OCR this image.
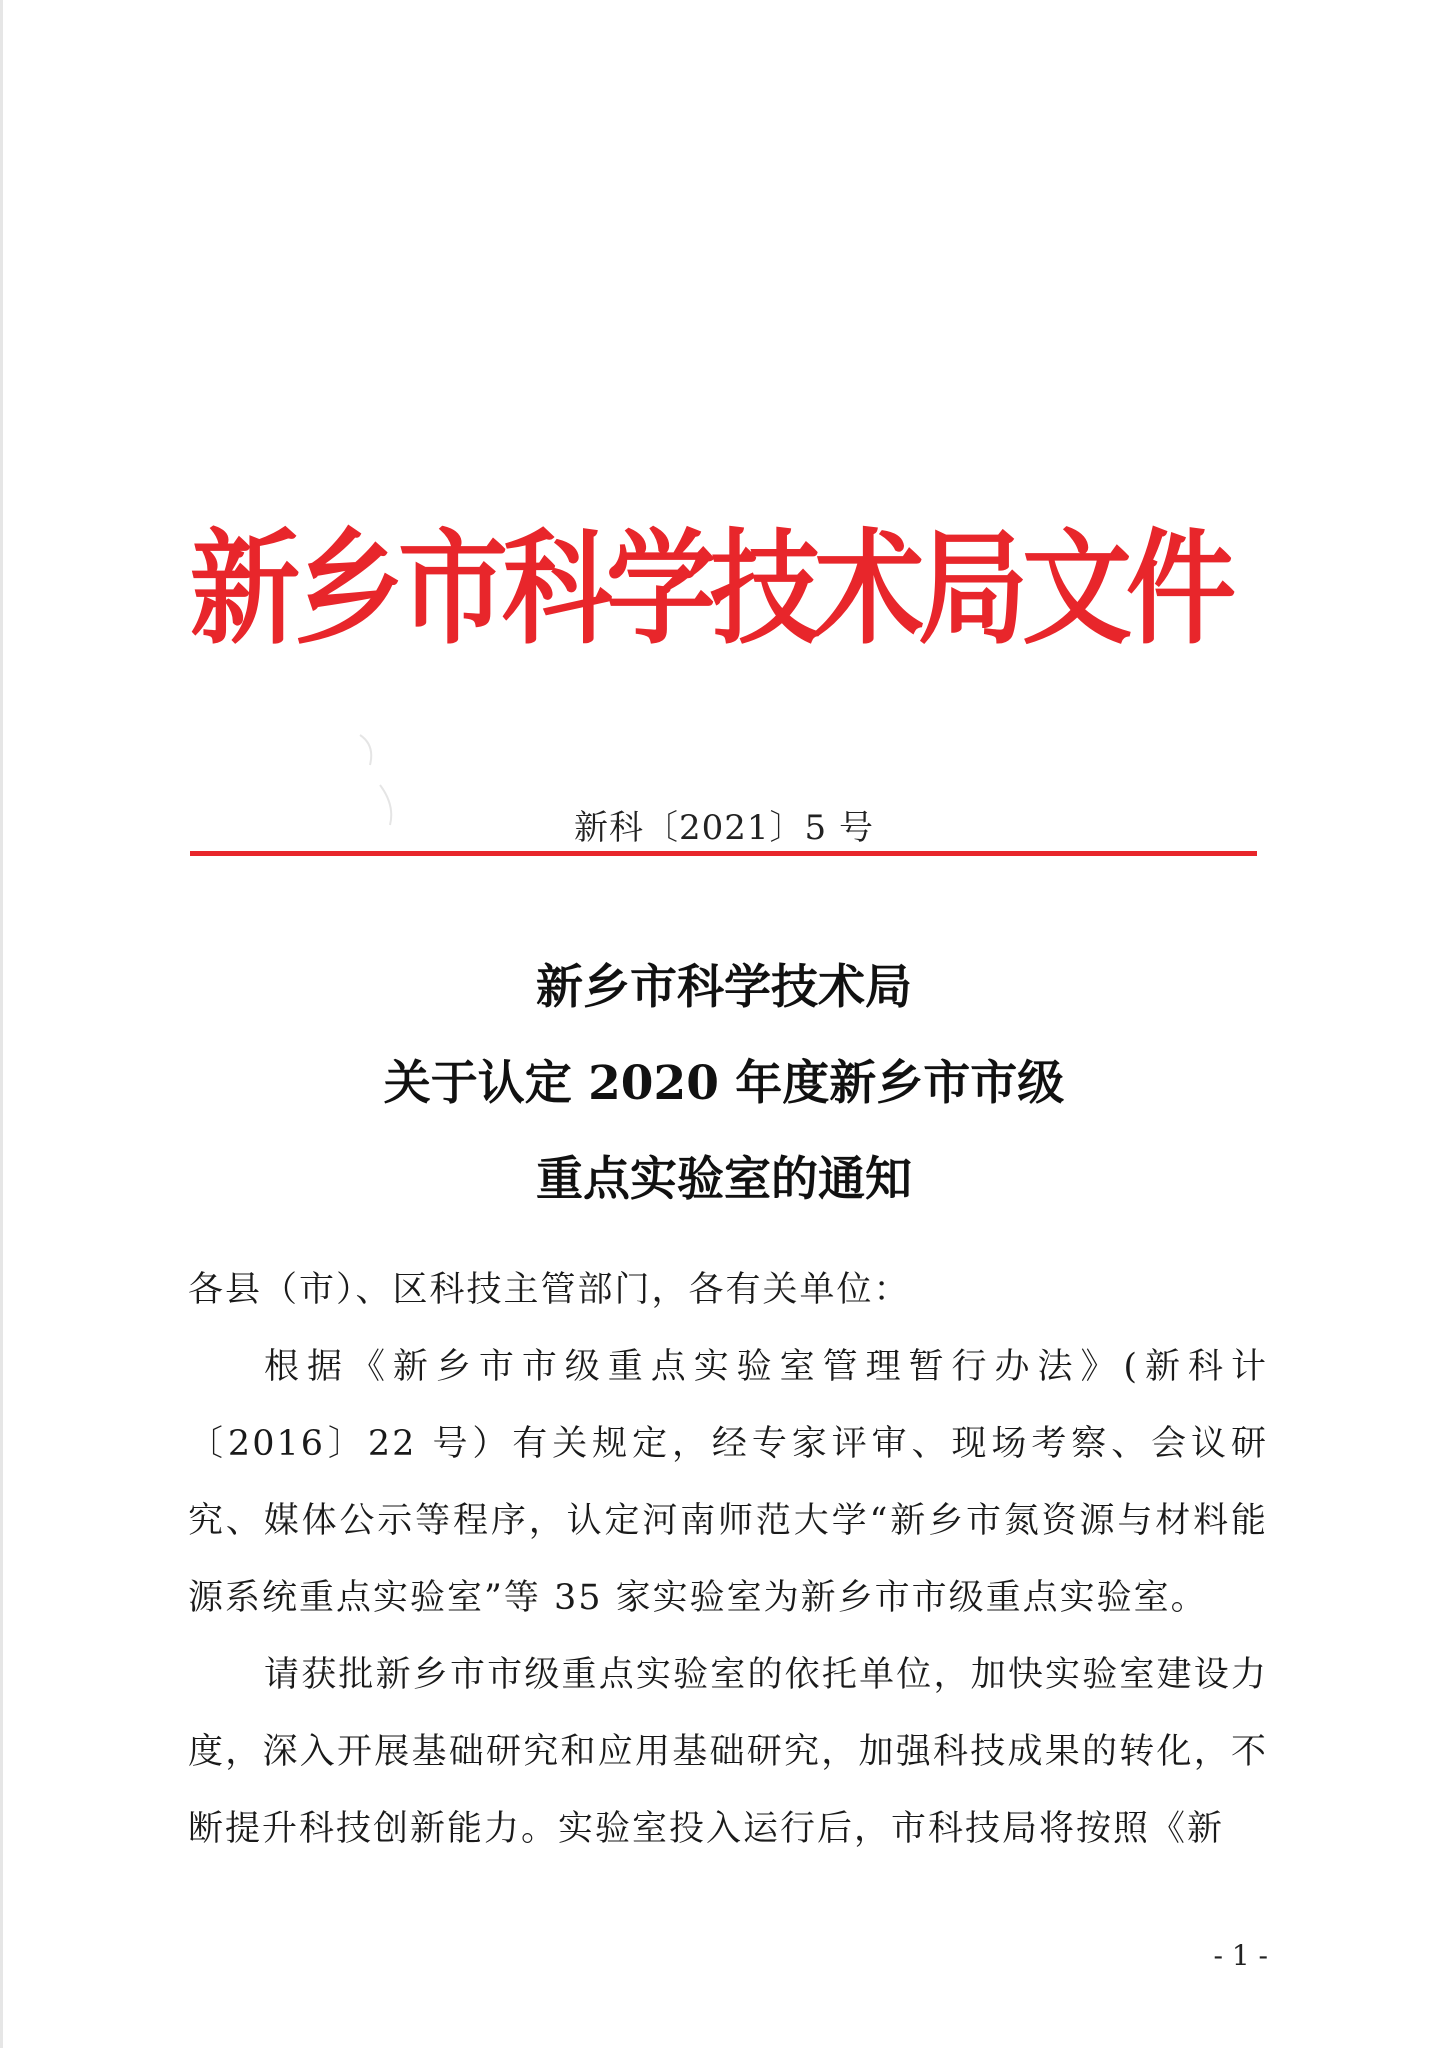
新乡市科学技术局文件
新科〔2021〕5 号
新乡市科学技术局
关于认定 2020 年度新乡市市级
重点实验室的通知

各县（市）、区科技主管部门，各有关单位：

根据《新乡市市级重点实验室管理暂行办法》(新科计〔2016〕22 号）有关规定，经专家评审、现场考察、会议研究、媒体公示等程序，认定河南师范大学“新乡市氮资源与材料能源系统重点实验室”等 35 家实验室为新乡市市级重点实验室。

请获批新乡市市级重点实验室的依托单位，加快实验室建设力度，深入开展基础研究和应用基础研究，加强科技成果的转化，不断提升科技创新能力。实验室投入运行后，市科技局将按照《新

- 1 -
